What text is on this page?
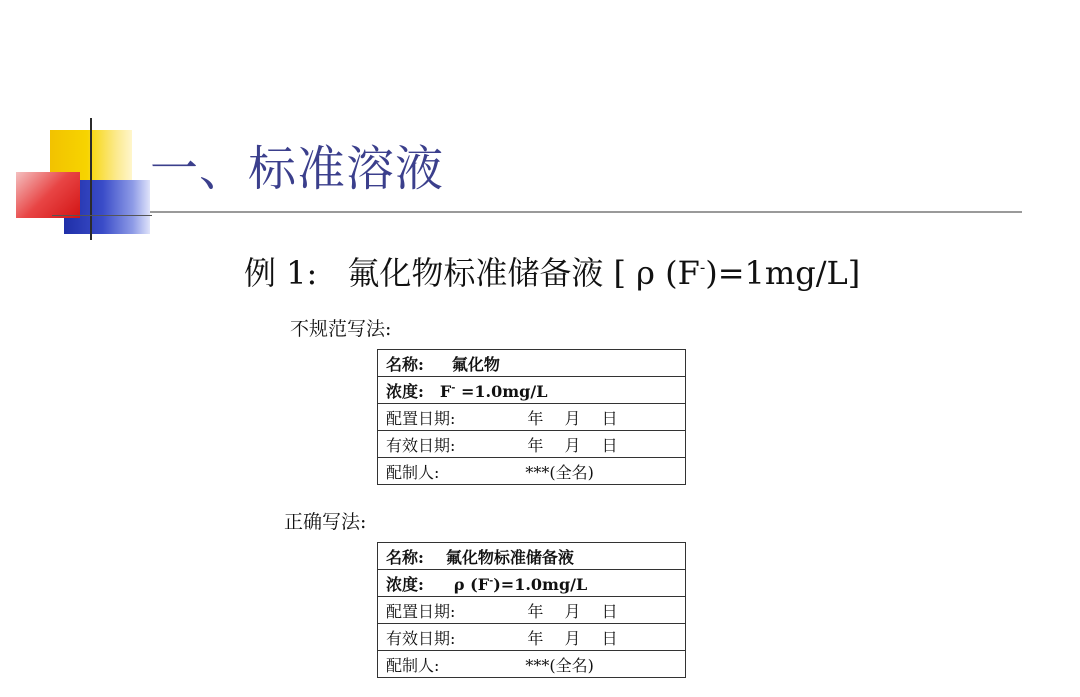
一、标准溶液
例 1: 氟化物标准储备液 [ ρ (F-)=1mg/L]
不规范写法:
名称: 氟化物
浓度: F- =1.0mg/L
配置日期:	年 月 日
有效日期:	年 月 日
配制人:	***(全名)
正确写法:
名称: 氟化物标准储备液
浓度: ρ (F-)=1.0mg/L
配置日期:	年 月 日
有效日期:	年 月 日
配制人:	***(全名)
